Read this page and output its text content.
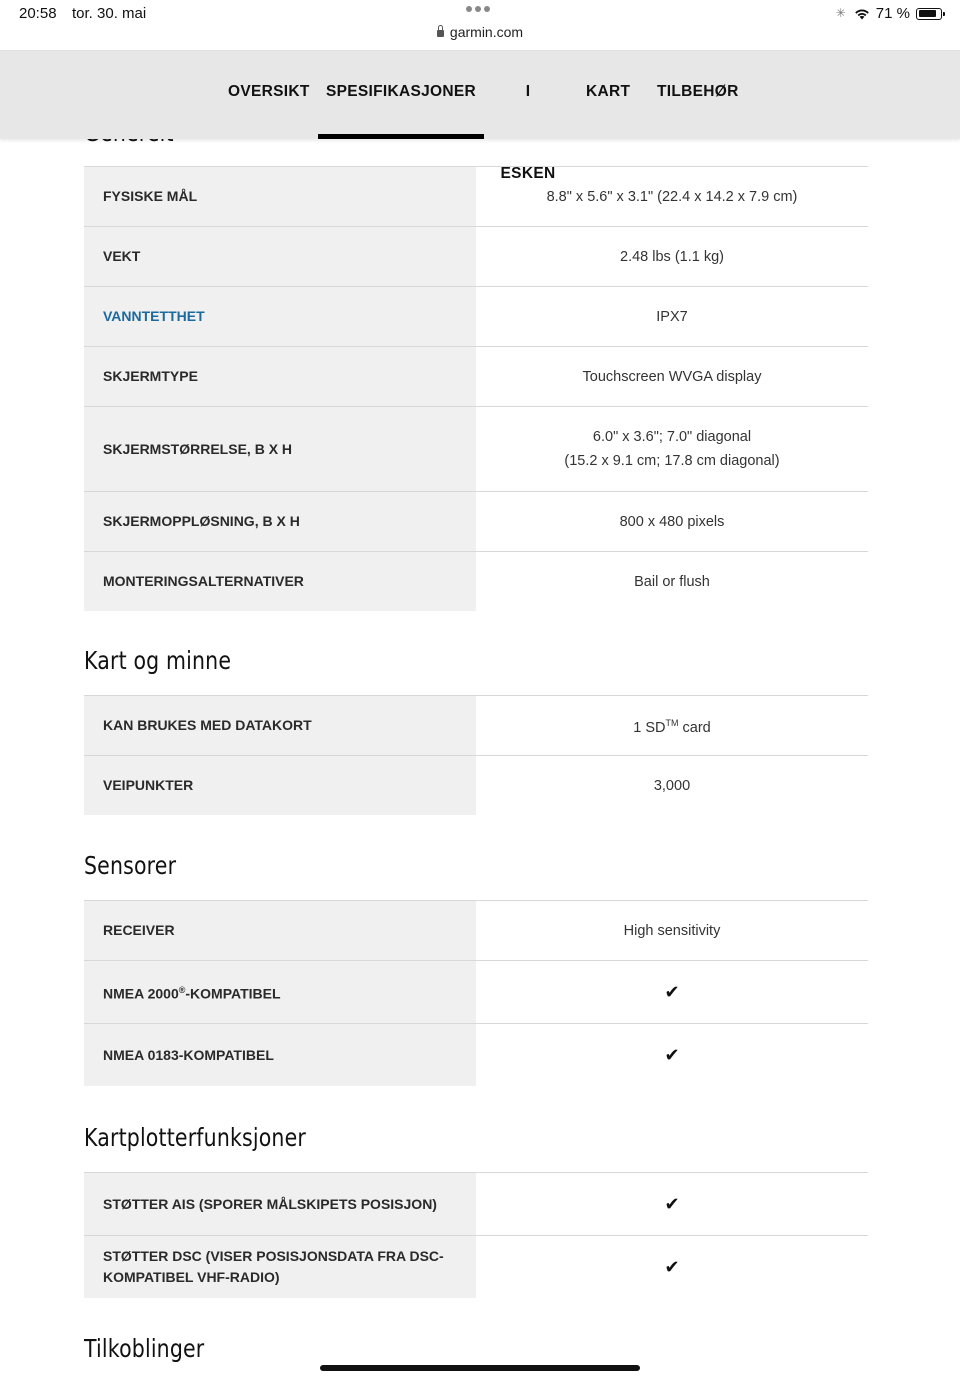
20:58 tor. 30. mai
garmin.com
✳
71 %
OVERSIKT	SPESIFIKASJONER	I ESKEN
KART TILBEHØR
FYSISKE MÅL	8.8" x 5.6" x 3.1" (22.4 x 14.2 x 7.9 cm)
VEKT	2.48 lbs (1.1 kg)
VANNTETTHET	IPX7
SKJERMTYPE	Touchscreen WVGA display
SKJERMSTØRRELSE, B X H
6.0" x 3.6"; 7.0" diagonal
(15.2 x 9.1 cm; 17.8 cm diagonal)
SKJERMOPPLØSNING, B X H	800 x 480 pixels
MONTERINGSALTERNATIVER	Bail or flush
Kart og minne
KAN BRUKES MED DATAKORT	1 SD™ card
VEIPUNKTER	3,000
Sensorer
RECEIVER	High sensitivity
NMEA 2000®-KOMPATIBEL	✔
NMEA 0183-KOMPATIBEL	✔
Kartplotterfunksjoner
STØTTER AIS (SPORER MÅLSKIPETS POSISJON)	✔
STØTTER DSC (VISER POSISJONSDATA FRA DSC-KOMPATIBEL VHF-RADIO)	✔
Tilkoblinger
